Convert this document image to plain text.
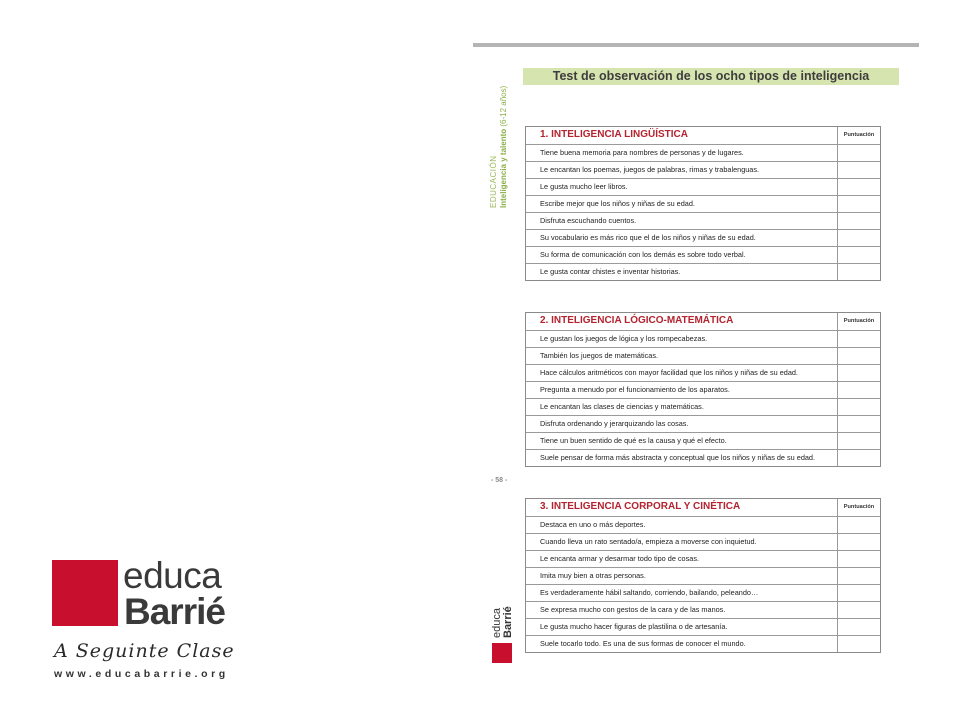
educa
Barrié
A Seguinte Clase
www.educabarrie.org
EDUCACIÓN Inteligencia y talento (6-12 años)
- 58 -
educa
Barrié
Test de observación de los ocho tipos de inteligencia
1. INTELIGENCIA LINGÜÍSTICA	Puntuación
Tiene buena memoria para nombres de personas y de lugares.
Le encantan los poemas, juegos de palabras, rimas y trabalenguas.
Le gusta mucho leer libros.
Escribe mejor que los niños y niñas de su edad.
Disfruta escuchando cuentos.
Su vocabulario es más rico que el de los niños y niñas de su edad.
Su forma de comunicación con los demás es sobre todo verbal.
Le gusta contar chistes e inventar historias.
2. INTELIGENCIA LÓGICO-MATEMÁTICA	Puntuación
Le gustan los juegos de lógica y los rompecabezas.
También los juegos de matemáticas.
Hace cálculos aritméticos con mayor facilidad que los niños y niñas de su edad.
Pregunta a menudo por el funcionamiento de los aparatos.
Le encantan las clases de ciencias y matemáticas.
Disfruta ordenando y jerarquizando las cosas.
Tiene un buen sentido de qué es la causa y qué el efecto.
Suele pensar de forma más abstracta y conceptual que los niños y niñas de su edad.
3. INTELIGENCIA CORPORAL Y CINÉTICA	Puntuación
Destaca en uno o más deportes.
Cuando lleva un rato sentado/a, empieza a moverse con inquietud.
Le encanta armar y desarmar todo tipo de cosas.
Imita muy bien a otras personas.
Es verdaderamente hábil saltando, corriendo, bailando, peleando…
Se expresa mucho con gestos de la cara y de las manos.
Le gusta mucho hacer figuras de plastilina o de artesanía.
Suele tocarlo todo. Es una de sus formas de conocer el mundo.
